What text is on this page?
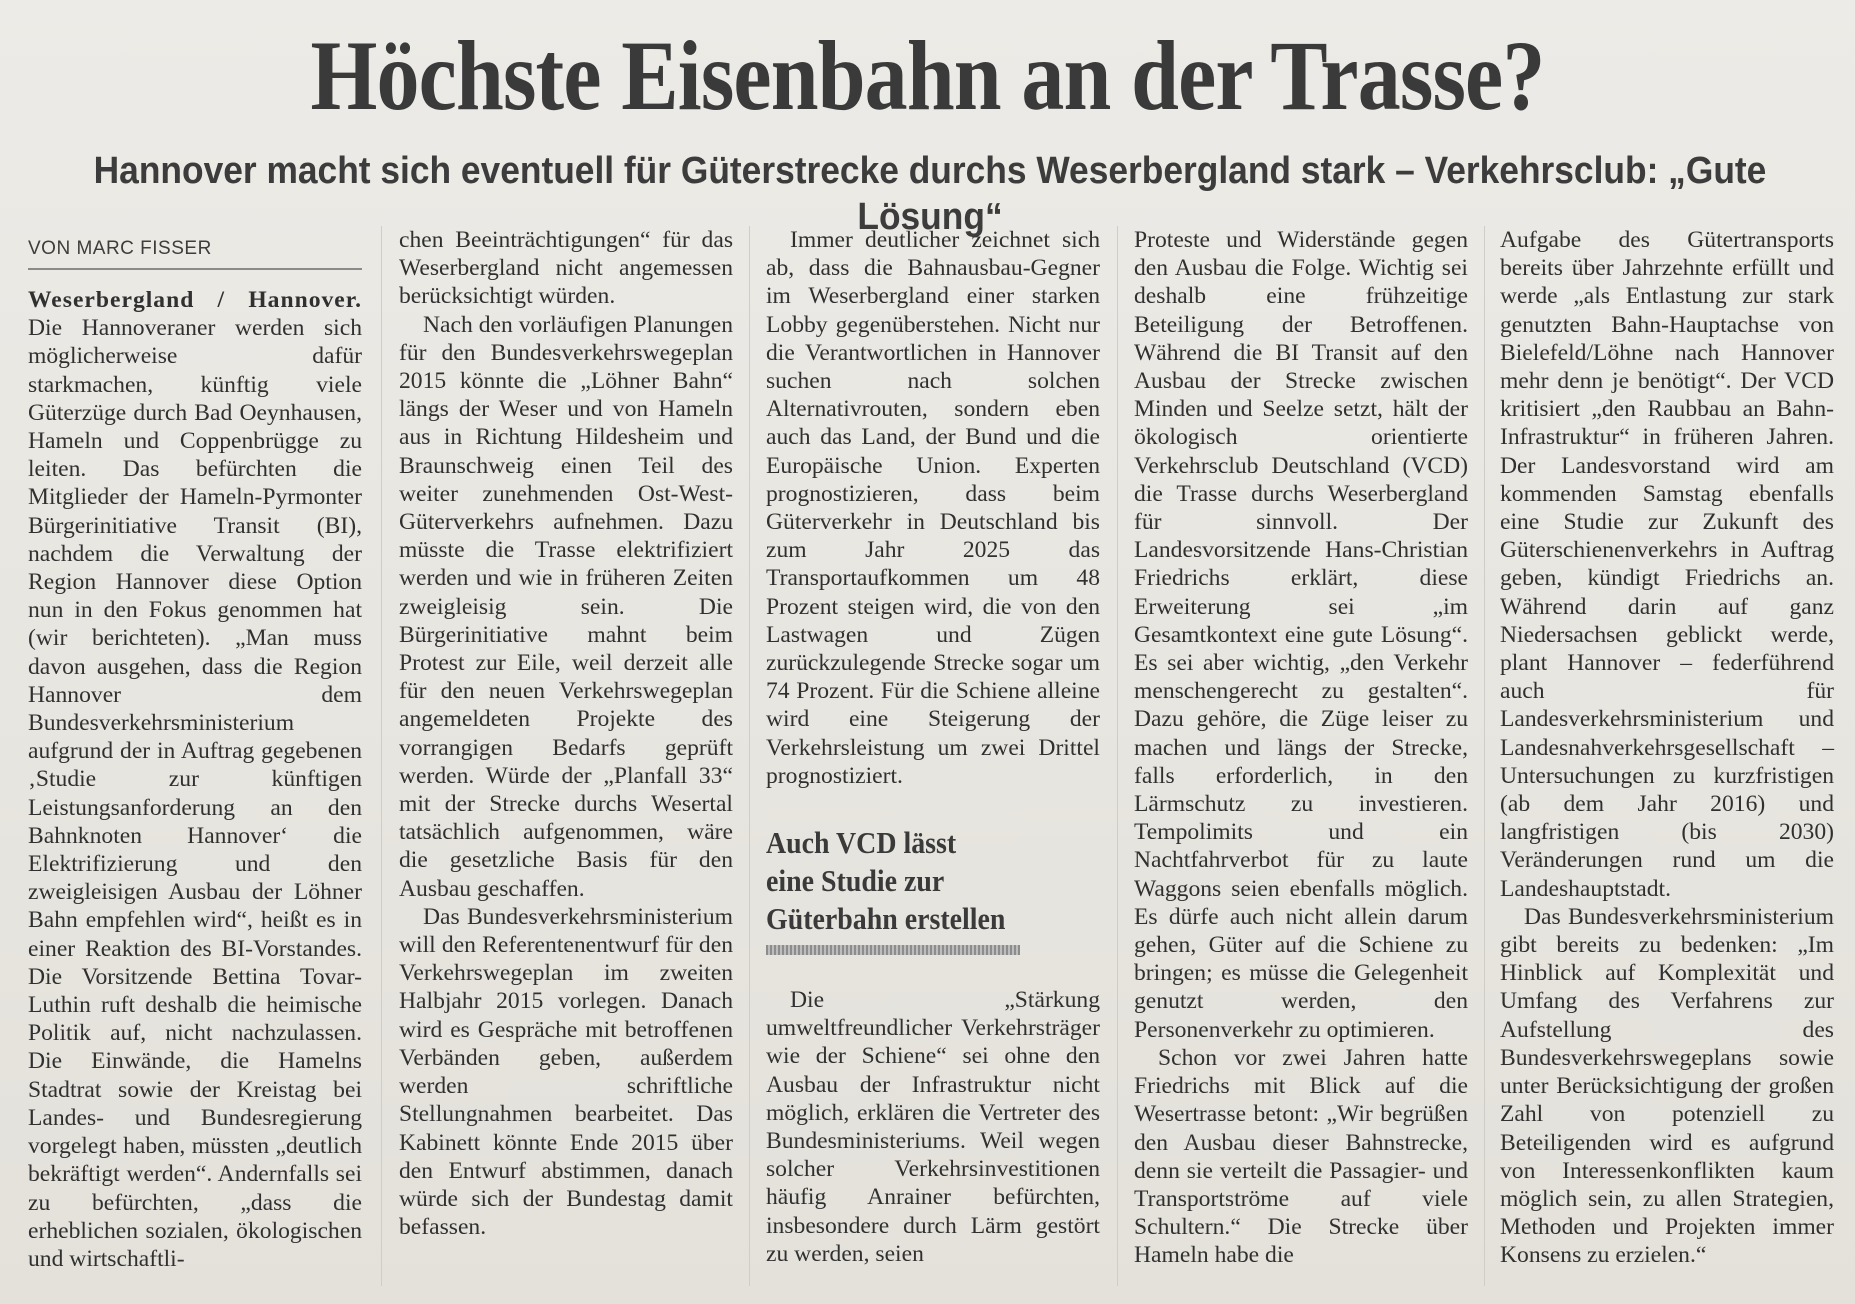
Höchste Eisenbahn an der Trasse?
Hannover macht sich eventuell für Güterstrecke durchs Weserbergland stark – Verkehrsclub: „Gute Lösung“
VON MARC FISSER

Weserbergland / Hannover. Die Hannoveraner werden sich möglicherweise dafür starkmachen, künftig viele Güterzüge durch Bad Oeynhausen, Hameln und Coppenbrügge zu leiten. Das befürchten die Mitglieder der Hameln-Pyrmonter Bürgerinitiative Transit (BI), nachdem die Verwaltung der Region Hannover diese Option nun in den Fokus genommen hat (wir berichteten). „Man muss davon ausgehen, dass die Region Hannover dem Bundesverkehrsministerium aufgrund der in Auftrag gegebenen ‚Studie zur künftigen Leistungsanforderung an den Bahnknoten Hannover‘ die Elektrifizierung und den zweigleisigen Ausbau der Löhner Bahn empfehlen wird“, heißt es in einer Reaktion des BI-Vorstandes. Die Vorsitzende Bettina Tovar-Luthin ruft deshalb die heimische Politik auf, nicht nachzulassen. Die Einwände, die Hamelns Stadtrat sowie der Kreistag bei Landes- und Bundesregierung vorgelegt haben, müssten „deutlich bekräftigt werden“. Andernfalls sei zu befürchten, „dass die erheblichen sozialen, ökologischen und wirtschaftli-

chen Beeinträchtigungen“ für das Weserbergland nicht angemessen berücksichtigt würden.

Nach den vorläufigen Planungen für den Bundesverkehrswegeplan 2015 könnte die „Löhner Bahn“ längs der Weser und von Hameln aus in Richtung Hildesheim und Braunschweig einen Teil des weiter zunehmenden Ost-West-Güterverkehrs aufnehmen. Dazu müsste die Trasse elektrifiziert werden und wie in früheren Zeiten zweigleisig sein. Die Bürgerinitiative mahnt beim Protest zur Eile, weil derzeit alle für den neuen Verkehrswegeplan angemeldeten Projekte des vorrangigen Bedarfs geprüft werden. Würde der „Planfall 33“ mit der Strecke durchs Wesertal tatsächlich aufgenommen, wäre die gesetzliche Basis für den Ausbau geschaffen.

Das Bundesverkehrsministerium will den Referentenentwurf für den Verkehrswegeplan im zweiten Halbjahr 2015 vorlegen. Danach wird es Gespräche mit betroffenen Verbänden geben, außerdem werden schriftliche Stellungnahmen bearbeitet. Das Kabinett könnte Ende 2015 über den Entwurf abstimmen, danach würde sich der Bundestag damit befassen.

Immer deutlicher zeichnet sich ab, dass die Bahnausbau-Gegner im Weserbergland einer starken Lobby gegenüberstehen. Nicht nur die Verantwortlichen in Hannover suchen nach solchen Alternativrouten, sondern eben auch das Land, der Bund und die Europäische Union. Experten prognostizieren, dass beim Güterverkehr in Deutschland bis zum Jahr 2025 das Transportaufkommen um 48 Prozent steigen wird, die von den Lastwagen und Zügen zurückzulegende Strecke sogar um 74 Prozent. Für die Schiene alleine wird eine Steigerung der Verkehrsleistung um zwei Drittel prognostiziert.

Auch VCD lässt
eine Studie zur
Güterbahn erstellen

Die „Stärkung umweltfreundlicher Verkehrsträger wie der Schiene“ sei ohne den Ausbau der Infrastruktur nicht möglich, erklären die Vertreter des Bundesministeriums. Weil wegen solcher Verkehrsinvestitionen häufig Anrainer befürchten, insbesondere durch Lärm gestört zu werden, seien

Proteste und Widerstände gegen den Ausbau die Folge. Wichtig sei deshalb eine frühzeitige Beteiligung der Betroffenen. Während die BI Transit auf den Ausbau der Strecke zwischen Minden und Seelze setzt, hält der ökologisch orientierte Verkehrsclub Deutschland (VCD) die Trasse durchs Weserbergland für sinnvoll. Der Landesvorsitzende Hans-Christian Friedrichs erklärt, diese Erweiterung sei „im Gesamtkontext eine gute Lösung“. Es sei aber wichtig, „den Verkehr menschengerecht zu gestalten“. Dazu gehöre, die Züge leiser zu machen und längs der Strecke, falls erforderlich, in den Lärmschutz zu investieren. Tempolimits und ein Nachtfahrverbot für zu laute Waggons seien ebenfalls möglich. Es dürfe auch nicht allein darum gehen, Güter auf die Schiene zu bringen; es müsse die Gelegenheit genutzt werden, den Personenverkehr zu optimieren.

Schon vor zwei Jahren hatte Friedrichs mit Blick auf die Wesertrasse betont: „Wir begrüßen den Ausbau dieser Bahnstrecke, denn sie verteilt die Passagier- und Transportströme auf viele Schultern.“ Die Strecke über Hameln habe die

Aufgabe des Gütertransports bereits über Jahrzehnte erfüllt und werde „als Entlastung zur stark genutzten Bahn-Hauptachse von Bielefeld/Löhne nach Hannover mehr denn je benötigt“. Der VCD kritisiert „den Raubbau an Bahn-Infrastruktur“ in früheren Jahren. Der Landesvorstand wird am kommenden Samstag ebenfalls eine Studie zur Zukunft des Güterschienenverkehrs in Auftrag geben, kündigt Friedrichs an. Während darin auf ganz Niedersachsen geblickt werde, plant Hannover – federführend auch für Landesverkehrsministerium und Landesnahverkehrsgesellschaft – Untersuchungen zu kurzfristigen (ab dem Jahr 2016) und langfristigen (bis 2030) Veränderungen rund um die Landeshauptstadt.

Das Bundesverkehrsministerium gibt bereits zu bedenken: „Im Hinblick auf Komplexität und Umfang des Verfahrens zur Aufstellung des Bundesverkehrswegeplans sowie unter Berücksichtigung der großen Zahl von potenziell zu Beteiligenden wird es aufgrund von Interessenkonflikten kaum möglich sein, zu allen Strategien, Methoden und Projekten immer Konsens zu erzielen.“
